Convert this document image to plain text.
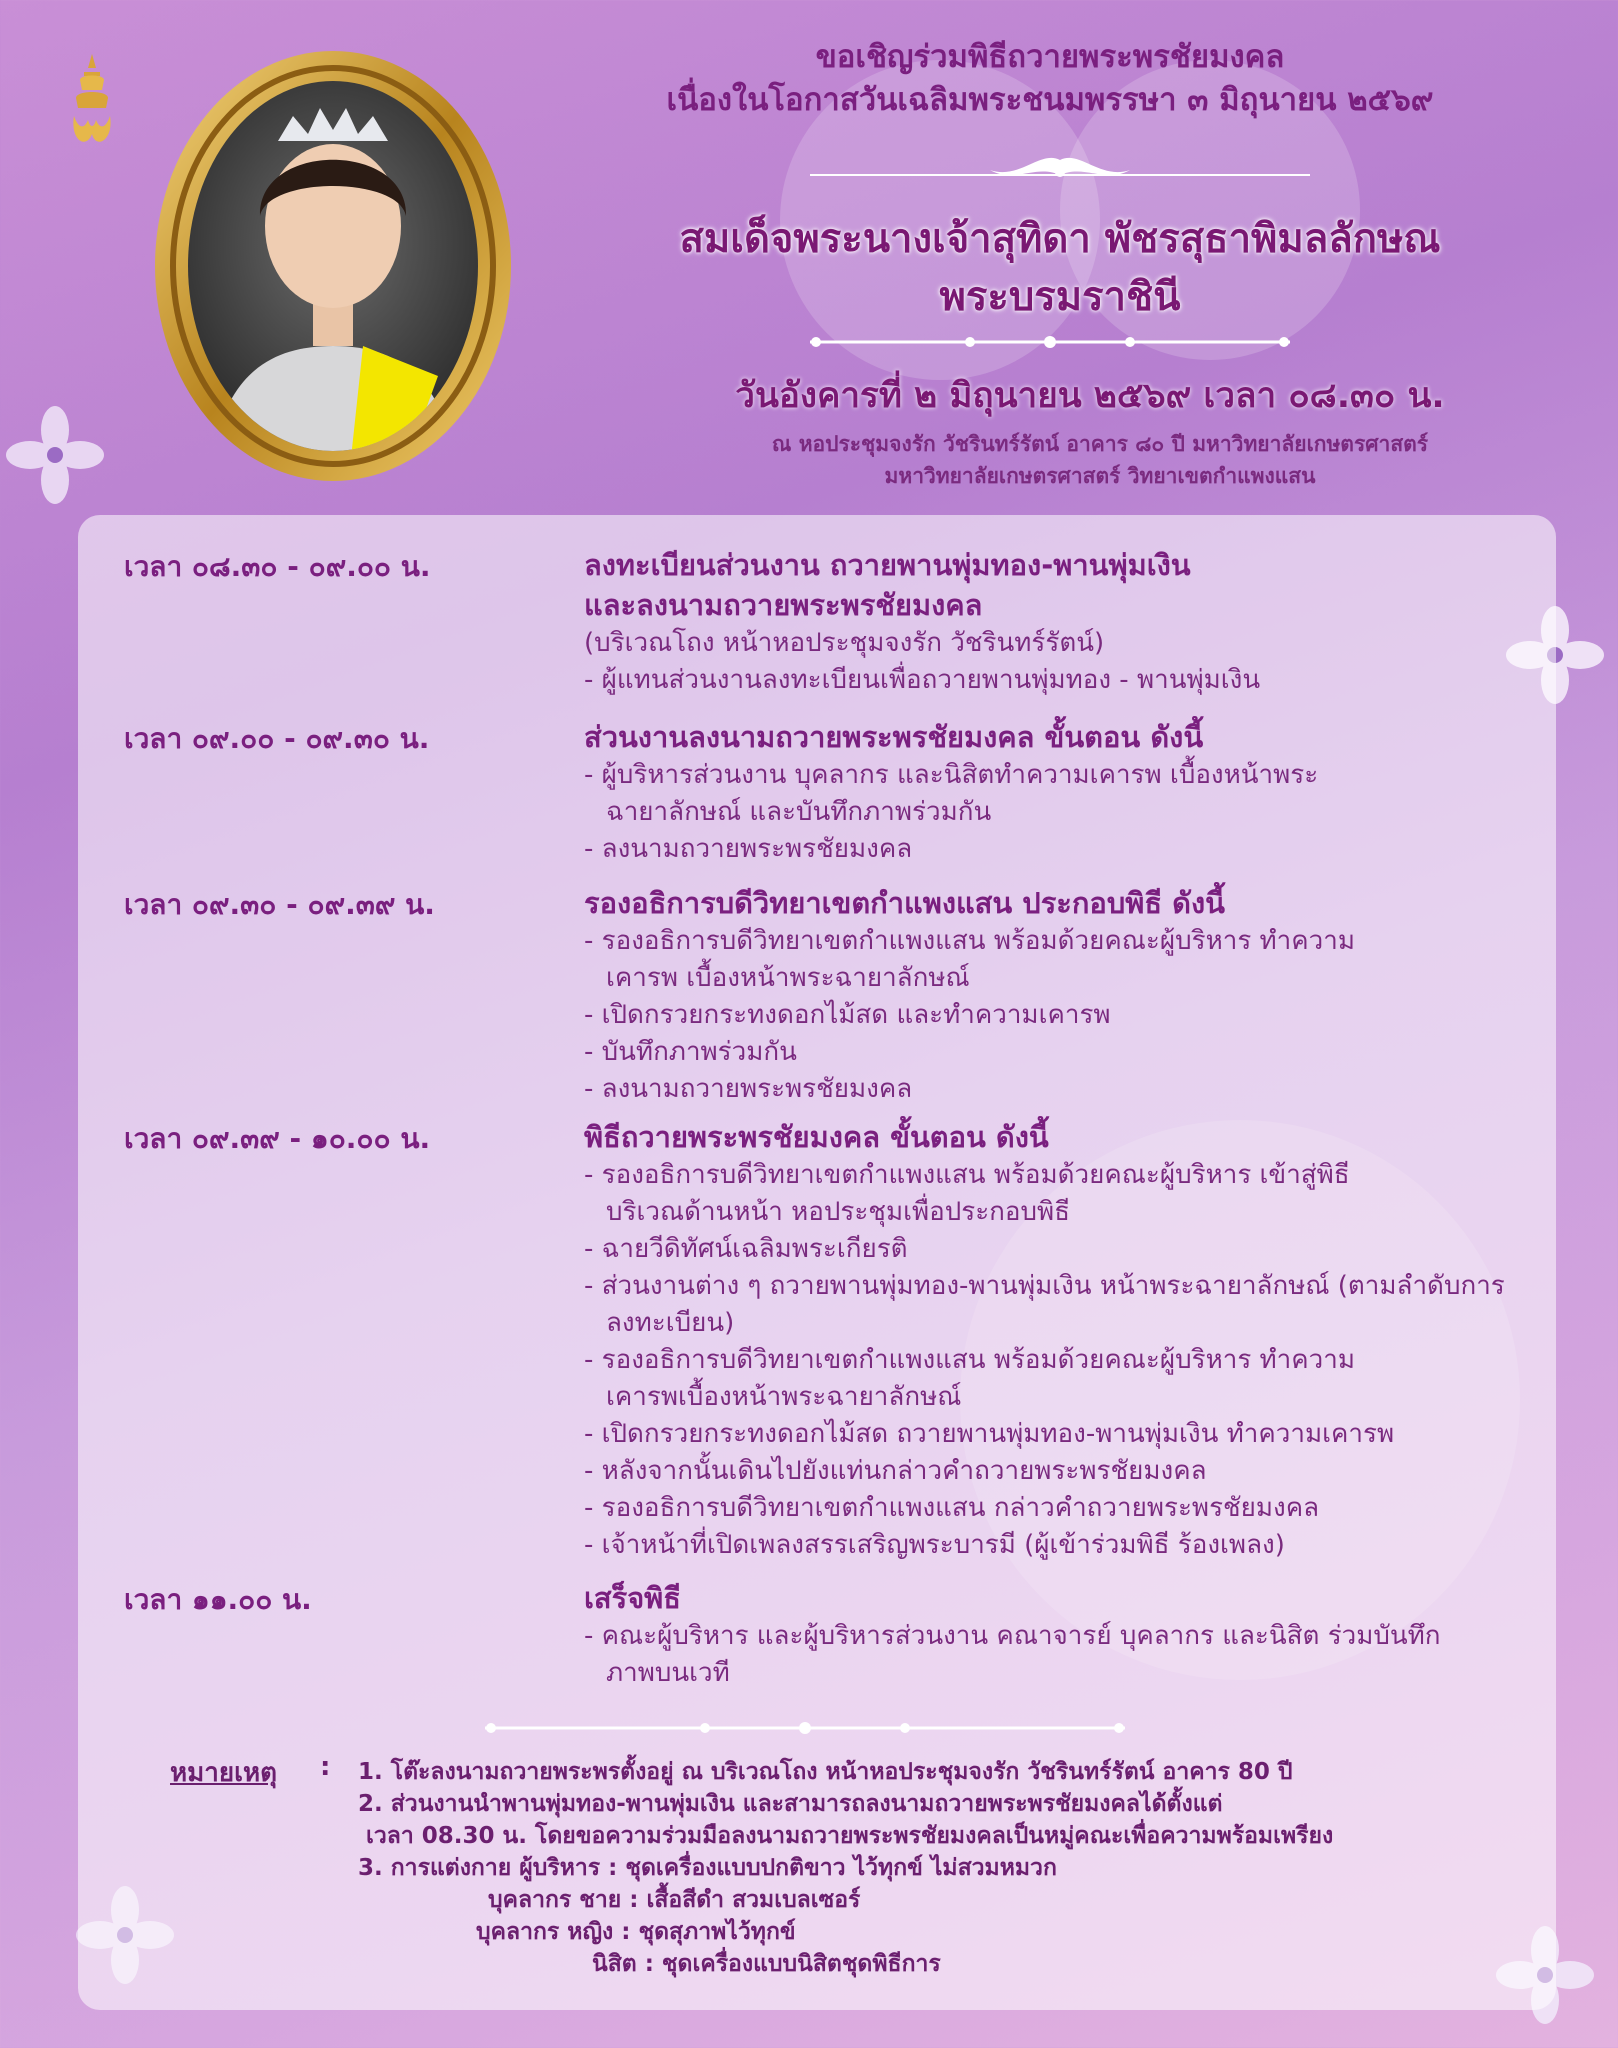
ขอเชิญร่วมพิธีถวายพระพรชัยมงคล
เนื่องในโอกาสวันเฉลิมพระชนมพรรษา ๓ มิถุนายน ๒๕๖๙
สมเด็จพระนางเจ้าสุทิดา พัชรสุธาพิมลลักษณ
พระบรมราชินี
วันอังคารที่ ๒ มิถุนายน ๒๕๖๙ เวลา ๐๘.๓๐ น.
ณ หอประชุมจงรัก วัชรินทร์รัตน์ อาคาร ๘๐ ปี มหาวิทยาลัยเกษตรศาสตร์
มหาวิทยาลัยเกษตรศาสตร์ วิทยาเขตกำแพงแสน
เวลา ๐๘.๓๐ - ๐๙.๐๐ น.	ลงทะเบียนส่วนงาน ถวายพานพุ่มทอง-พานพุ่มเงิน
และลงนามถวายพระพรชัยมงคล
(บริเวณโถง หน้าหอประชุมจงรัก วัชรินทร์รัตน์)
- ผู้แทนส่วนงานลงทะเบียนเพื่อถวายพานพุ่มทอง - พานพุ่มเงิน
เวลา ๐๙.๐๐ - ๐๙.๓๐ น.	ส่วนงานลงนามถวายพระพรชัยมงคล ขั้นตอน ดังนี้
- ผู้บริหารส่วนงาน บุคลากร และนิสิตทำความเคารพ เบื้องหน้าพระฉายาลักษณ์ และบันทึกภาพร่วมกัน
- ลงนามถวายพระพรชัยมงคล
เวลา ๐๙.๓๐ - ๐๙.๓๙ น.	รองอธิการบดีวิทยาเขตกำแพงแสน ประกอบพิธี ดังนี้
- รองอธิการบดีวิทยาเขตกำแพงแสน พร้อมด้วยคณะผู้บริหาร ทำความเคารพ เบื้องหน้าพระฉายาลักษณ์
- เปิดกรวยกระทงดอกไม้สด และทำความเคารพ
- บันทึกภาพร่วมกัน
- ลงนามถวายพระพรชัยมงคล
เวลา ๐๙.๓๙ - ๑๐.๐๐ น.	พิธีถวายพระพรชัยมงคล ขั้นตอน ดังนี้
- รองอธิการบดีวิทยาเขตกำแพงแสน พร้อมด้วยคณะผู้บริหาร เข้าสู่พิธีบริเวณด้านหน้า หอประชุมเพื่อประกอบพิธี
- ฉายวีดิทัศน์เฉลิมพระเกียรติ
- ส่วนงานต่าง ๆ ถวายพานพุ่มทอง-พานพุ่มเงิน หน้าพระฉายาลักษณ์ (ตามลำดับการลงทะเบียน)
- รองอธิการบดีวิทยาเขตกำแพงแสน พร้อมด้วยคณะผู้บริหาร ทำความเคารพเบื้องหน้าพระฉายาลักษณ์
- เปิดกรวยกระทงดอกไม้สด ถวายพานพุ่มทอง-พานพุ่มเงิน ทำความเคารพ
- หลังจากนั้นเดินไปยังแท่นกล่าวคำถวายพระพรชัยมงคล
- รองอธิการบดีวิทยาเขตกำแพงแสน กล่าวคำถวายพระพรชัยมงคล
- เจ้าหน้าที่เปิดเพลงสรรเสริญพระบารมี (ผู้เข้าร่วมพิธี ร้องเพลง)
เวลา ๑๑.๐๐ น.	เสร็จพิธี
- คณะผู้บริหาร และผู้บริหารส่วนงาน คณาจารย์ บุคลากร และนิสิต ร่วมบันทึกภาพบนเวที
หมายเหตุ : 1. โต๊ะลงนามถวายพระพรตั้งอยู่ ณ บริเวณโถง หน้าหอประชุมจงรัก วัชรินทร์รัตน์ อาคาร 80 ปี
2. ส่วนงานนำพานพุ่มทอง-พานพุ่มเงิน และสามารถลงนามถวายพระพรชัยมงคลได้ตั้งแต่
เวลา 08.30 น. โดยขอความร่วมมือลงนามถวายพระพรชัยมงคลเป็นหมู่คณะเพื่อความพร้อมเพรียง
3. การแต่งกาย ผู้บริหาร : ชุดเครื่องแบบปกติขาว ไว้ทุกข์ ไม่สวมหมวก
บุคลากร ชาย : เสื้อสีดำ สวมเบลเซอร์
บุคลากร หญิง : ชุดสุภาพไว้ทุกข์
นิสิต : ชุดเครื่องแบบนิสิตชุดพิธีการ
